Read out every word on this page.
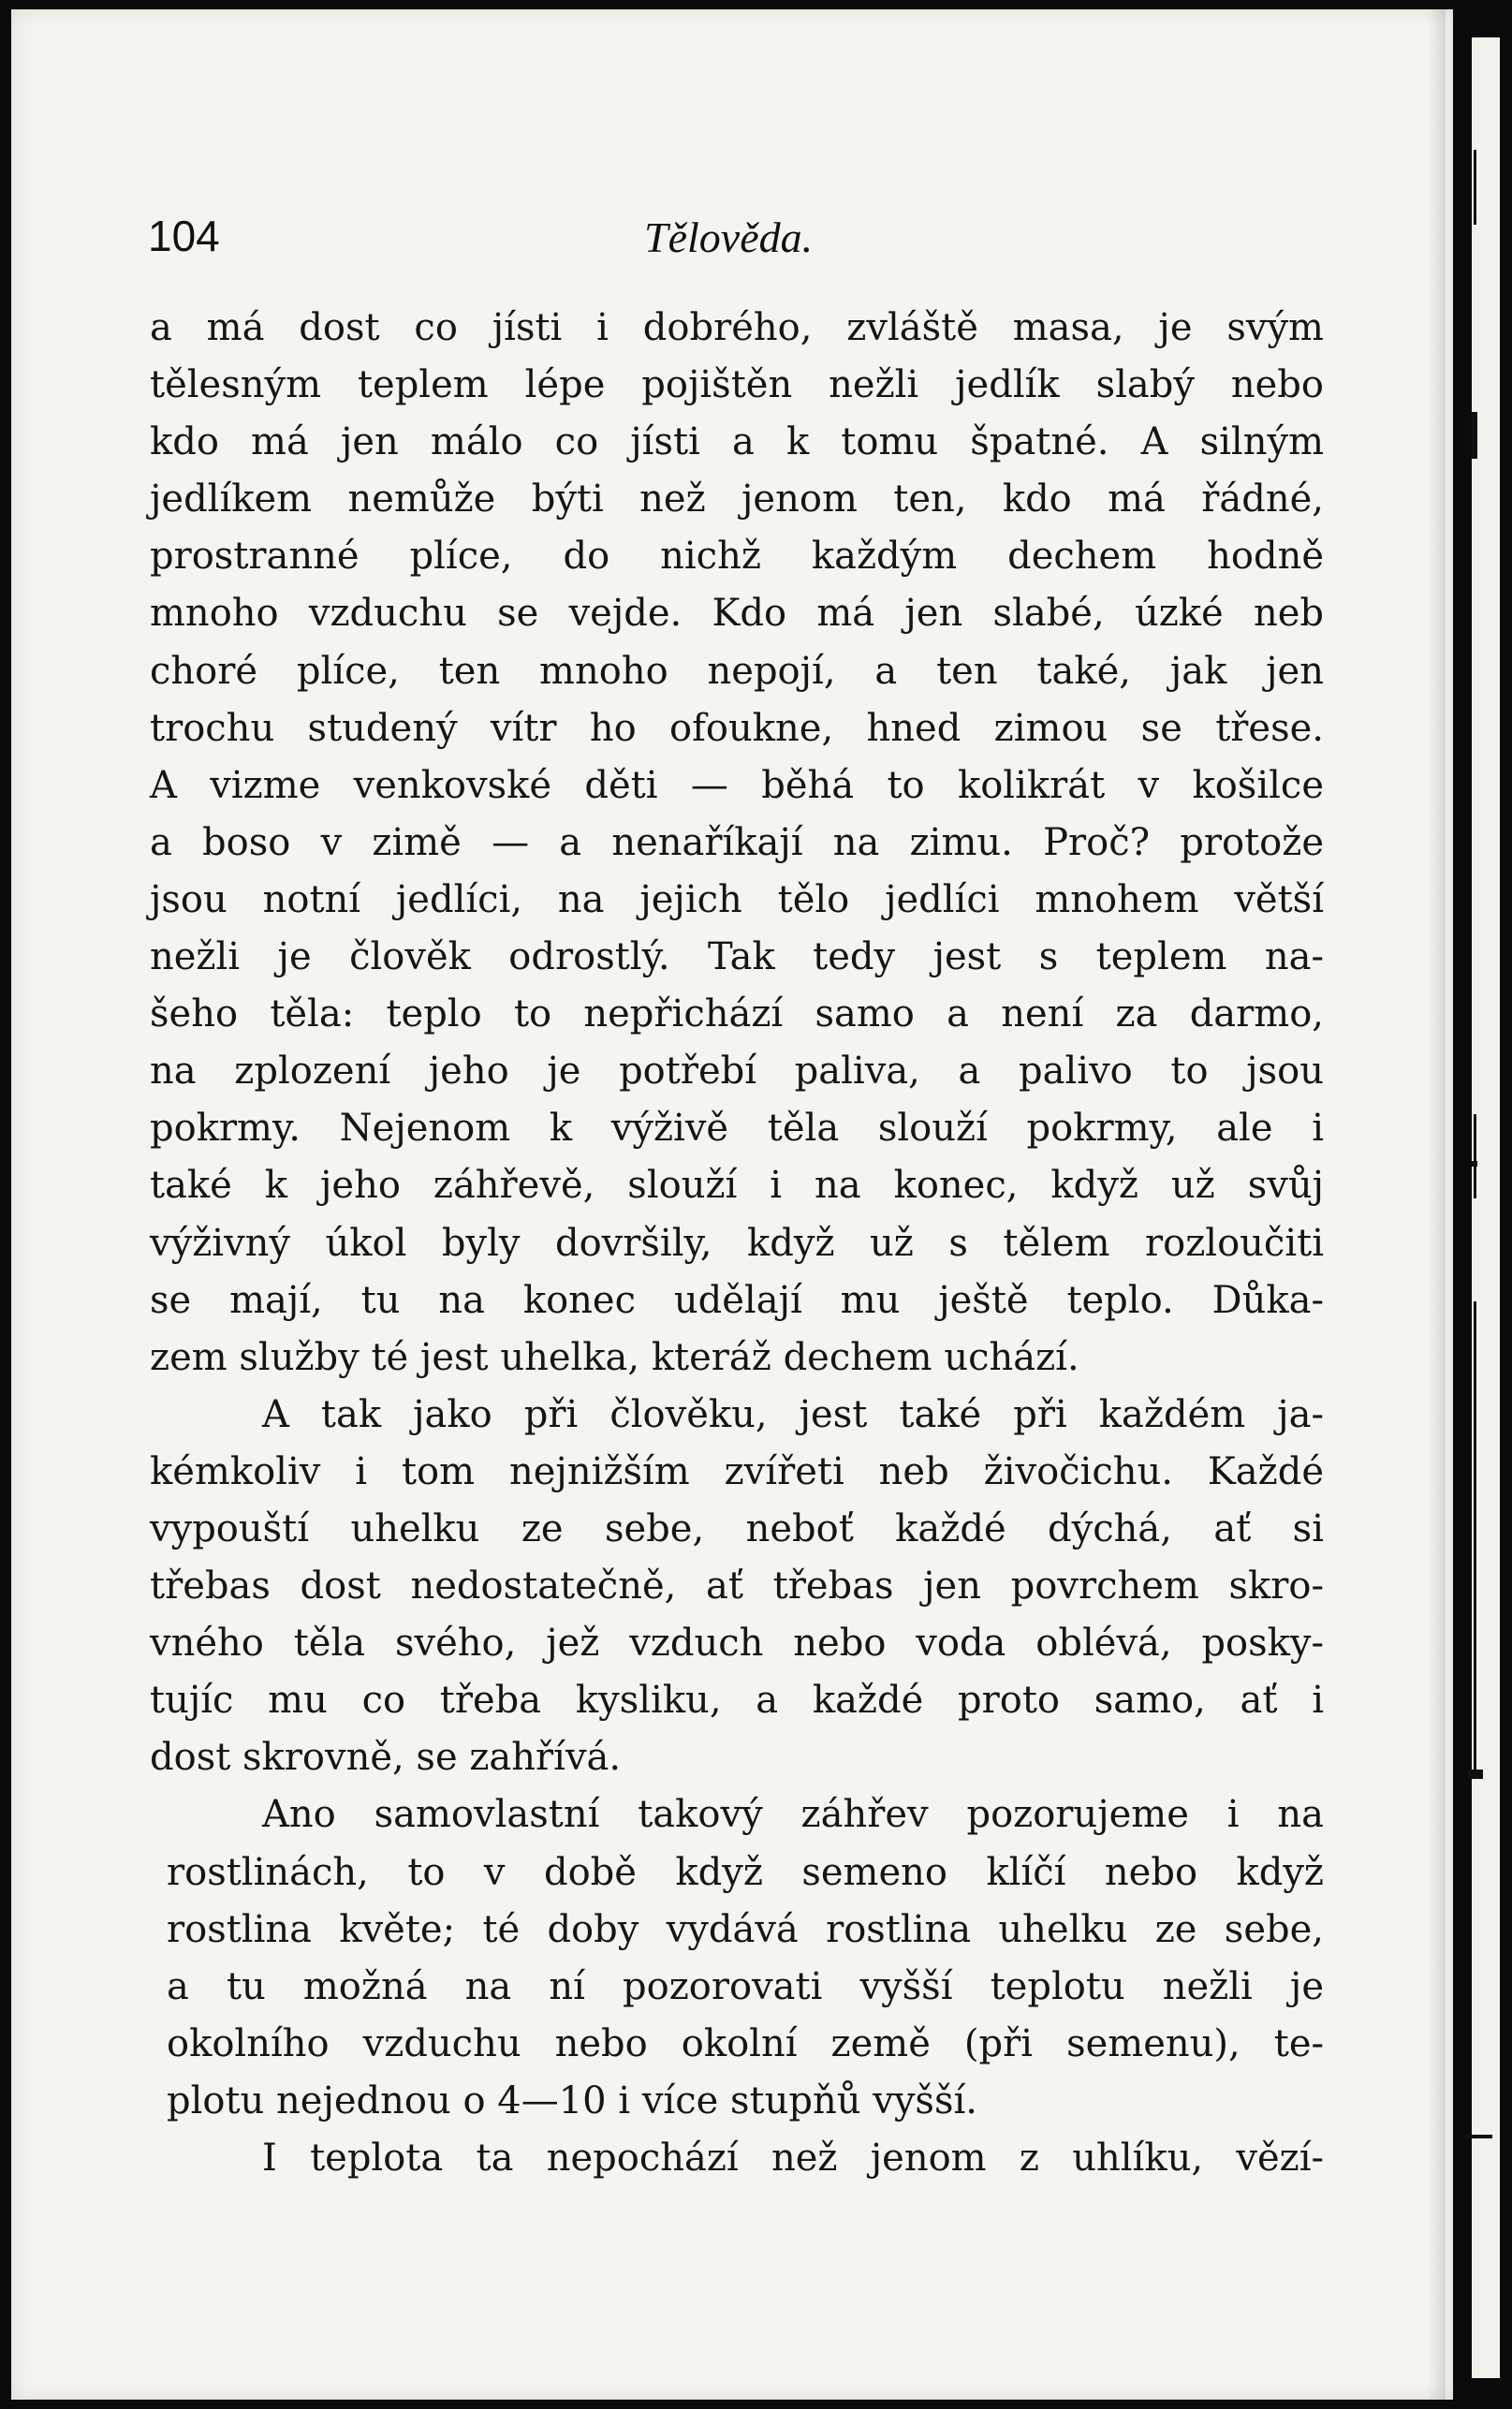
104	Tělověda.
a má dost co jísti i dobrého, zvláště masa, je svým
tělesným teplem lépe pojištěn nežli jedlík slabý nebo
kdo má jen málo co jísti a k tomu špatné. A silným
jedlíkem nemůže býti než jenom ten, kdo má řádné,
prostranné plíce, do nichž každým dechem hodně
mnoho vzduchu se vejde. Kdo má jen slabé, úzké neb
choré plíce, ten mnoho nepojí, a ten také, jak jen
trochu studený vítr ho ofoukne, hned zimou se třese.
A vizme venkovské děti — běhá to kolikrát v košilce
a boso v zimě — a nenaříkají na zimu. Proč? protože
jsou notní jedlíci, na jejich tělo jedlíci mnohem větší
nežli je člověk odrostlý. Tak tedy jest s teplem na-
šeho těla: teplo to nepřichází samo a není za darmo,
na zplození jeho je potřebí paliva, a palivo to jsou
pokrmy. Nejenom k výživě těla slouží pokrmy, ale i
také k jeho záhřevě, slouží i na konec, když už svůj
výživný úkol byly dovršily, když už s tělem rozloučiti
se mají, tu na konec udělají mu ještě teplo. Důka-
zem služby té jest uhelka, kteráž dechem uchází.
A tak jako při člověku, jest také při každém ja-
kémkoliv i tom nejnižším zvířeti neb živočichu. Každé
vypouští uhelku ze sebe, neboť každé dýchá, ať si
třebas dost nedostatečně, ať třebas jen povrchem skro-
vného těla svého, jež vzduch nebo voda oblévá, posky-
tujíc mu co třeba kysliku, a každé proto samo, ať i
dost skrovně, se zahřívá.
Ano samovlastní takový záhřev pozorujeme i na
rostlinách, to v době když semeno klíčí nebo když
rostlina květe; té doby vydává rostlina uhelku ze sebe,
a tu možná na ní pozorovati vyšší teplotu nežli je
okolního vzduchu nebo okolní země (při semenu), te-
plotu nejednou o 4—10 i více stupňů vyšší.
I teplota ta nepochází než jenom z uhlíku, vězí-
